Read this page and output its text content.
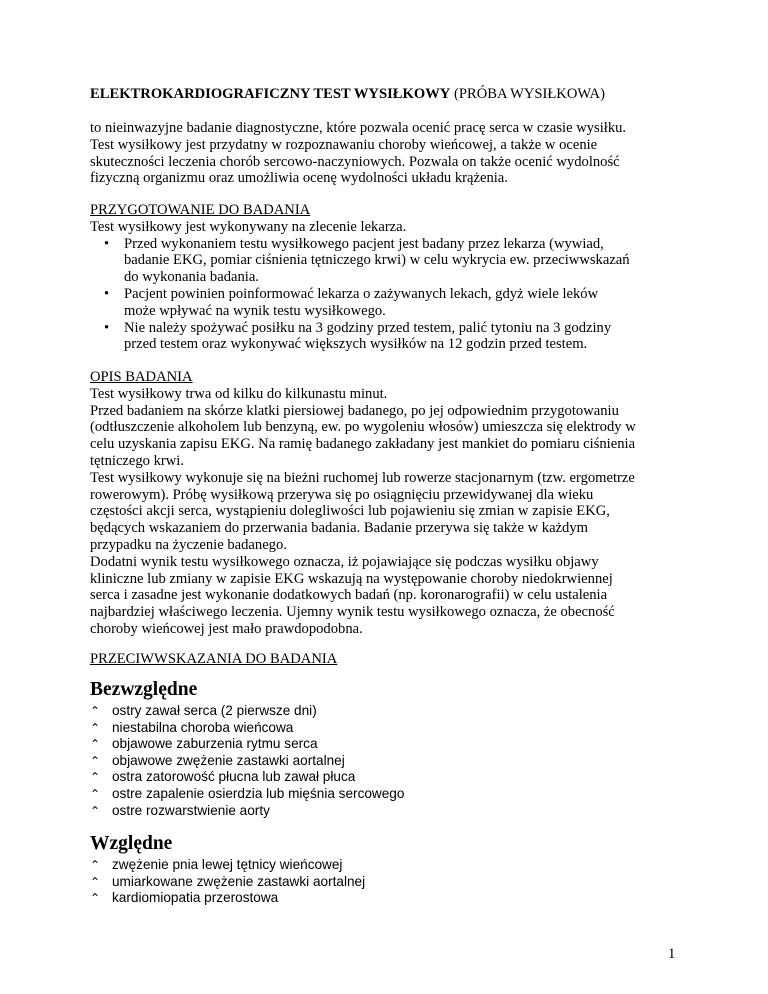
ELEKTROKARDIOGRAFICZNY TEST WYSIŁKOWY (PRÓBA WYSIŁKOWA)

to nieinwazyjne badanie diagnostyczne, które pozwala ocenić pracę serca w czasie wysiłku.

Test wysiłkowy jest przydatny w rozpoznawaniu choroby wieńcowej, a także w ocenie

skuteczności leczenia chorób sercowo-naczyniowych. Pozwala on także ocenić wydolność

fizyczną organizmu oraz umożliwia ocenę wydolności układu krążenia.

PRZYGOTOWANIE DO BADANIA

Test wysiłkowy jest wykonywany na zlecenie lekarza.

• Przed wykonaniem testu wysiłkowego pacjent jest badany przez lekarza (wywiad,

badanie EKG, pomiar ciśnienia tętniczego krwi) w celu wykrycia ew. przeciwwskazań

do wykonania badania.

• Pacjent powinien poinformować lekarza o zażywanych lekach, gdyż wiele leków

może wpływać na wynik testu wysiłkowego.

• Nie należy spożywać posiłku na 3 godziny przed testem, palić tytoniu na 3 godziny

przed testem oraz wykonywać większych wysiłków na 12 godzin przed testem.

OPIS BADANIA

Test wysiłkowy trwa od kilku do kilkunastu minut.

Przed badaniem na skórze klatki piersiowej badanego, po jej odpowiednim przygotowaniu

(odtłuszczenie alkoholem lub benzyną, ew. po wygoleniu włosów) umieszcza się elektrody w

celu uzyskania zapisu EKG. Na ramię badanego zakładany jest mankiet do pomiaru ciśnienia

tętniczego krwi.

Test wysiłkowy wykonuje się na bieżni ruchomej lub rowerze stacjonarnym (tzw. ergometrze

rowerowym). Próbę wysiłkową przerywa się po osiągnięciu przewidywanej dla wieku

częstości akcji serca, wystąpieniu dolegliwości lub pojawieniu się zmian w zapisie EKG,

będących wskazaniem do przerwania badania. Badanie przerywa się także w każdym

przypadku na życzenie badanego.

Dodatni wynik testu wysiłkowego oznacza, iż pojawiające się podczas wysiłku objawy

kliniczne lub zmiany w zapisie EKG wskazują na występowanie choroby niedokrwiennej

serca i zasadne jest wykonanie dodatkowych badań (np. koronarografii) w celu ustalenia

najbardziej właściwego leczenia. Ujemny wynik testu wysiłkowego oznacza, że obecność

choroby wieńcowej jest mało prawdopodobna.

PRZECIWWSKAZANIA DO BADANIA

Bezwzględne
⌃ ostry zawał serca (2 pierwsze dni)
⌃ niestabilna choroba wieńcowa
⌃ objawowe zaburzenia rytmu serca
⌃ objawowe zwężenie zastawki aortalnej
⌃ ostra zatorowość płucna lub zawał płuca
⌃ ostre zapalenie osierdzia lub mięśnia sercowego
⌃ ostre rozwarstwienie aorty
Względne
⌃ zwężenie pnia lewej tętnicy wieńcowej
⌃ umiarkowane zwężenie zastawki aortalnej
⌃ kardiomiopatia przerostowa
1
